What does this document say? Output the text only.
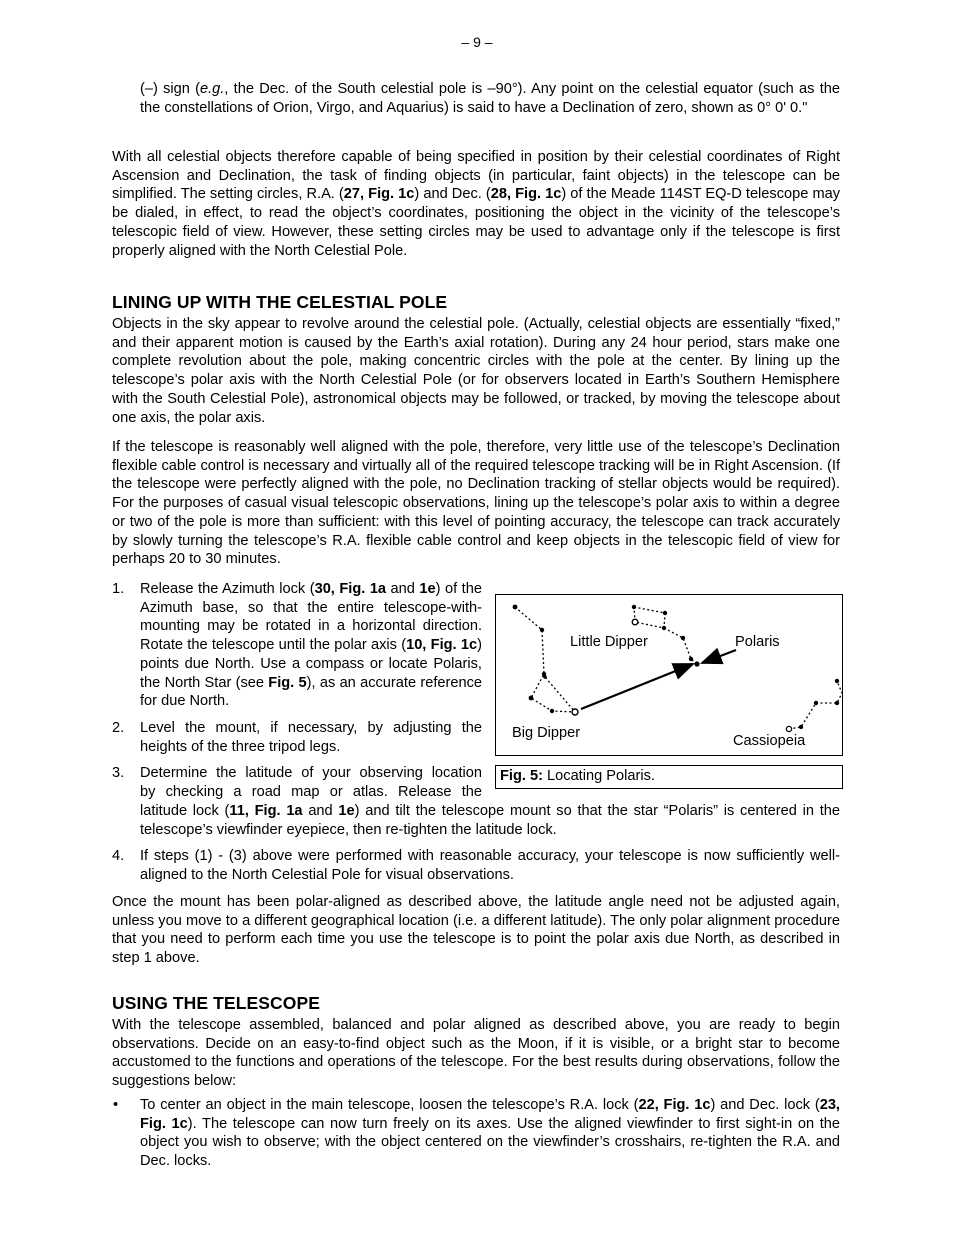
– 9 –

(–) sign (e.g., the Dec. of the South celestial pole is –90°). Any point on the celestial equator (such as the the constellations of Orion, Virgo, and Aquarius) is said to have a Declination of zero, shown as 0° 0' 0."

With all celestial objects therefore capable of being specified in position by their celestial coordinates of Right Ascension and Declination, the task of finding objects (in particular, faint objects) in the telescope can be simplified. The setting circles, R.A. (27, Fig. 1c) and Dec. (28, Fig. 1c) of the Meade 114ST EQ-D telescope may be dialed, in effect, to read the object’s coordinates, positioning the object in the vicinity of the telescope’s telescopic field of view. However, these setting circles may be used to advantage only if the telescope is first properly aligned with the North Celestial Pole.

LINING UP WITH THE CELESTIAL POLE

Objects in the sky appear to revolve around the celestial pole. (Actually, celestial objects are essentially “fixed,” and their apparent motion is caused by the Earth’s axial rotation). During any 24 hour period, stars make one complete revolution about the pole, making concentric circles with the pole at the center. By lining up the telescope’s polar axis with the North Celestial Pole (or for observers located in Earth’s Southern Hemisphere with the South Celestial Pole), astronomical objects may be followed, or tracked, by moving the telescope about one axis, the polar axis.

If the telescope is reasonably well aligned with the pole, therefore, very little use of the telescope’s Declination flexible cable control is necessary and virtually all of the required telescope tracking will be in Right Ascension. (If the telescope were perfectly aligned with the pole, no Declination tracking of stellar objects would be required). For the purposes of casual visual telescopic observations, lining up the telescope’s polar axis to within a degree or two of the pole is more than sufficient: with this level of pointing accuracy, the telescope can track accurately by slowly turning the telescope’s R.A. flexible cable control and keep objects in the telescopic field of view for perhaps 20 to 30 minutes.

1. Release the Azimuth lock (30, Fig. 1a and 1e) of the Azimuth base, so that the entire telescope-with-mounting may be rotated in a horizontal direction. Rotate the telescope until the polar axis (10, Fig. 1c) points due North. Use a compass or locate Polaris, the North Star (see Fig. 5), as an accurate reference for due North.
2. Level the mount, if necessary, by adjusting the heights of the three tripod legs.
3. Determine the latitude of your observing location
by checking a road map or atlas. Release the
latitude lock (11, Fig. 1a and 1e) and tilt the telescope mount so that the star “Polaris” is centered in the telescope’s viewfinder eyepiece, then re-tighten the latitude lock.
4. If steps (1) - (3) above were performed with reasonable accuracy, your telescope is now sufficiently well-aligned to the North Celestial Pole for visual observations.

Once the mount has been polar-aligned as described above, the latitude angle need not be adjusted again, unless you move to a different geographical location (i.e. a different latitude). The only polar alignment procedure that you need to perform each time you use the telescope is to point the polar axis due North, as described in step 1 above.

Little Dipper	Polaris
Big Dipper	Cassiopeia
Fig. 5: Locating Polaris.
USING THE TELESCOPE

With the telescope assembled, balanced and polar aligned as described above, you are ready to begin observations. Decide on an easy-to-find object such as the Moon, if it is visible, or a bright star to become accustomed to the functions and operations of the telescope. For the best results during observations, follow the suggestions below:

• To center an object in the main telescope, loosen the telescope’s R.A. lock (22, Fig. 1c) and Dec. lock (23, Fig. 1c). The telescope can now turn freely on its axes. Use the aligned viewfinder to first sight-in on the object you wish to observe; with the object centered on the viewfinder’s crosshairs, re-tighten the R.A. and Dec. locks.
